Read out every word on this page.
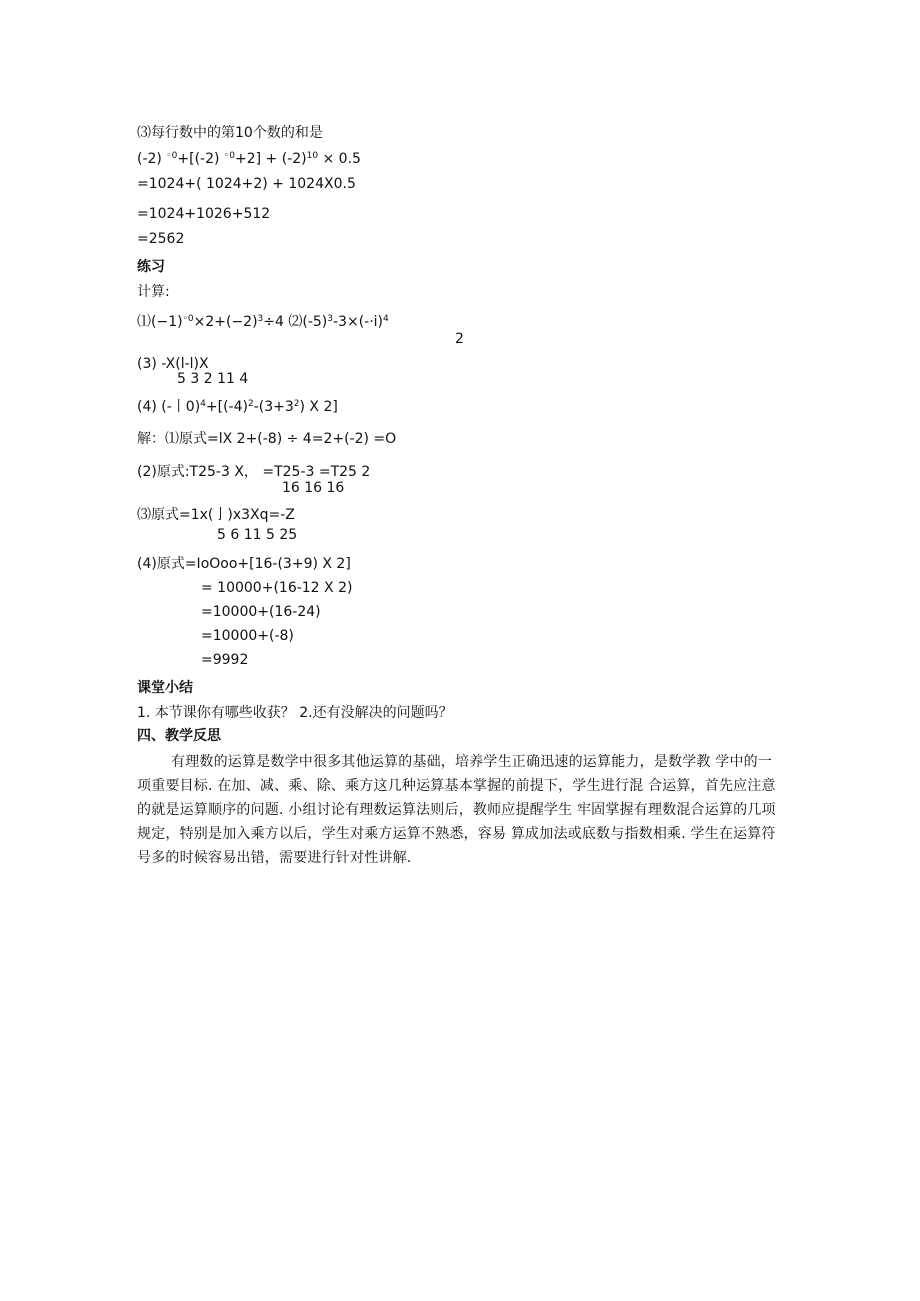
⑶每行数中的第10个数的和是
(-2) $^{◦0}$+[(-2) $^{◦0}+2] + (-2)^{10} \times 0.5$
=1024+( 1024+2) + 1024X0.5
=1024+1026+512
=2562
练习
计算:
$⑴(-1)^{◦0}\times 2+(-2)^3\div 4$ $⑵(-5)^3-3\times(-\cdot i)^4$
2
(3) -X(l-l)X
5 3 2 11 4
(4) (-丨$0)^4+[(-4)^2-(3+3^2)$ X 2]
解：⑴原式=lX 2+(-8) ÷ 4=2+(-2) =O
(2)原式:T25-3 X， =T25-3 =T25 2
16 16 16
⑶原式=1x(亅)x3Xq=-Z
5 6 11 5 25
(4)原式=IoOoo+[16-(3+9) X 2]
= 10000+(16-12 X 2)
=10000+(16-24)
=10000+(-8)
=9992
课堂小结
1. 本节课你有哪些收获？ 2.还有没解决的问题吗？
四、教学反思
有理数的运算是数学中很多其他运算的基础，培养学生正确迅速的运算能力，是数学教 学中的一项重要目标. 在加、减、乘、除、乘方这几种运算基本掌握的前提下，学生进行混 合运算，首先应注意的就是运算顺序的问题. 小组讨论有理数运算法则后，教师应提醒学生 牢固掌握有理数混合运算的几项规定，特别是加入乘方以后，学生对乘方运算不熟悉，容易 算成加法或底数与指数相乘. 学生在运算符号多的时候容易出错，需要进行针对性讲解.
